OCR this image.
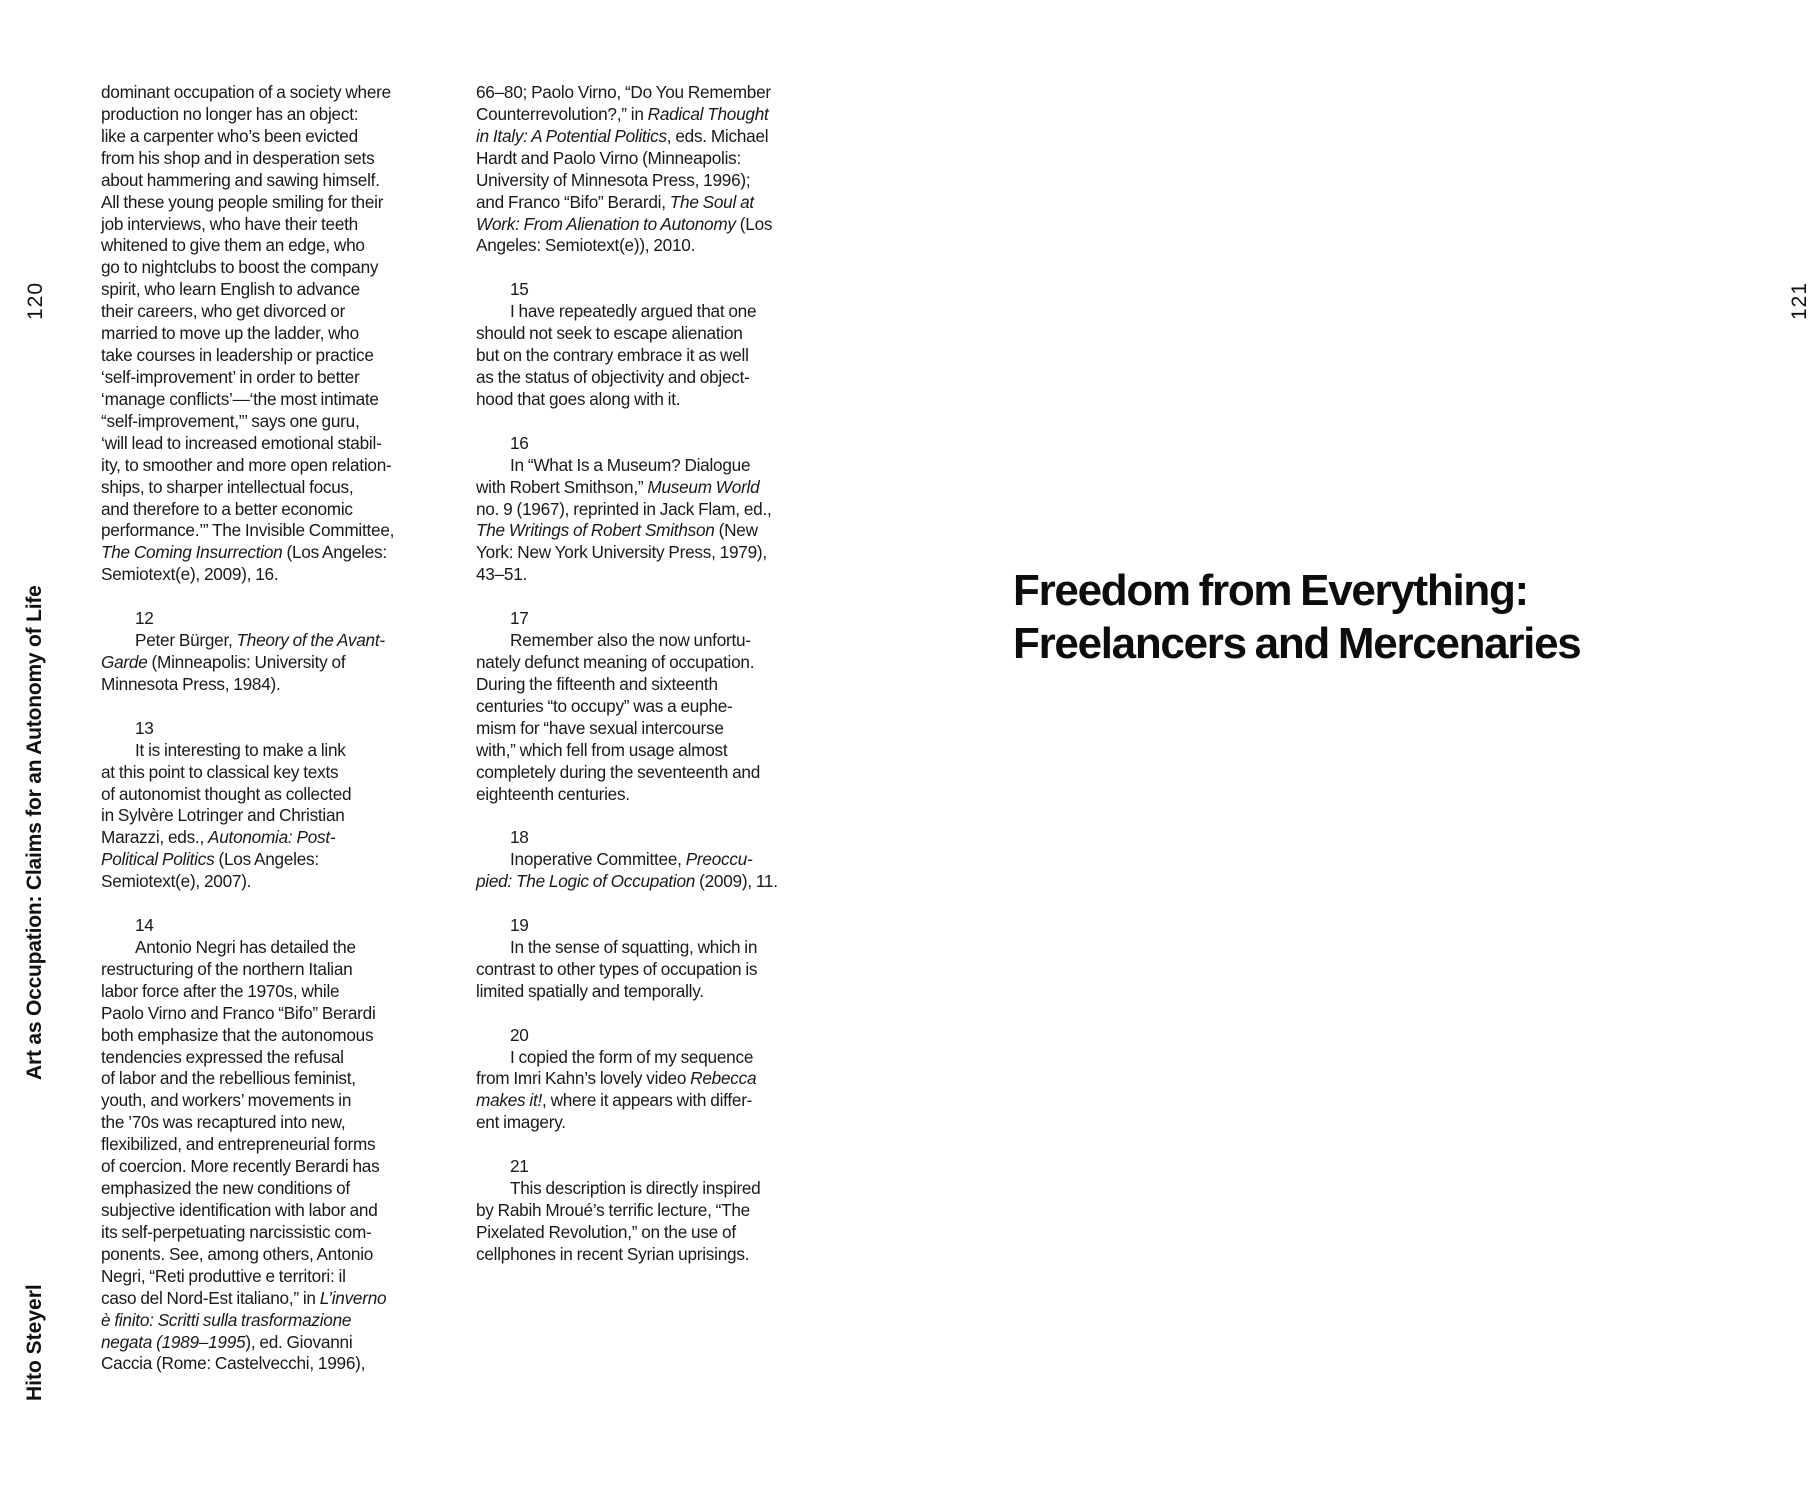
120
Art as Occupation: Claims for an Autonomy of Life
Hito Steyerl
dominant occupation of a society where
production no longer has an object:
like a carpenter who’s been evicted
from his shop and in desperation sets
about hammering and sawing himself.
All these young people smiling for their
job interviews, who have their teeth
whitened to give them an edge, who
go to nightclubs to boost the company
spirit, who learn English to advance
their careers, who get divorced or
married to move up the ladder, who
take courses in leadership or practice
‘self-improvement’ in order to better
‘manage conflicts’—‘the most intimate
“self-improvement,”’ says one guru,
‘will lead to increased emotional stabil-
ity, to smoother and more open relation-
ships, to sharper intellectual focus,
and therefore to a better economic
performance.’” The Invisible Committee,
The Coming Insurrection (Los Angeles:
Semiotext(e), 2009), 16.
12
Peter Bürger, Theory of the Avant-
Garde (Minneapolis: University of
Minnesota Press, 1984).
13
It is interesting to make a link
at this point to classical key texts
of autonomist thought as collected
in Sylvère Lotringer and Christian
Marazzi, eds., Autonomia: Post-
Political Politics (Los Angeles:
Semiotext(e), 2007).
14
Antonio Negri has detailed the
restructuring of the northern Italian
labor force after the 1970s, while
Paolo Virno and Franco “Bifo” Berardi
both emphasize that the autonomous
tendencies expressed the refusal
of labor and the rebellious feminist,
youth, and workers’ movements in
the ’70s was recaptured into new,
flexibilized, and entrepreneurial forms
of coercion. More recently Berardi has
emphasized the new conditions of
subjective identification with labor and
its self-perpetuating narcissistic com-
ponents. See, among others, Antonio
Negri, “Reti produttive e territori: il
caso del Nord-Est italiano,” in L’inverno
è finito: Scritti sulla trasformazione
negata (1989–1995), ed. Giovanni
Caccia (Rome: Castelvecchi, 1996),
66–80; Paolo Virno, “Do You Remember
Counterrevolution?,” in Radical Thought
in Italy: A Potential Politics, eds. Michael
Hardt and Paolo Virno (Minneapolis:
University of Minnesota Press, 1996);
and Franco “Bifo” Berardi, The Soul at
Work: From Alienation to Autonomy (Los
Angeles: Semiotext(e)), 2010.
15
I have repeatedly argued that one
should not seek to escape alienation
but on the contrary embrace it as well
as the status of objectivity and object-
hood that goes along with it.
16
In “What Is a Museum? Dialogue
with Robert Smithson,” Museum World
no. 9 (1967), reprinted in Jack Flam, ed.,
The Writings of Robert Smithson (New
York: New York University Press, 1979),
43–51.
17
Remember also the now unfortu-
nately defunct meaning of occupation.
During the fifteenth and sixteenth
centuries “to occupy” was a euphe-
mism for “have sexual intercourse
with,” which fell from usage almost
completely during the seventeenth and
eighteenth centuries.
18
Inoperative Committee, Preoccu-
pied: The Logic of Occupation (2009), 11.
19
In the sense of squatting, which in
contrast to other types of occupation is
limited spatially and temporally.
20
I copied the form of my sequence
from Imri Kahn’s lovely video Rebecca
makes it!, where it appears with differ-
ent imagery.
21
This description is directly inspired
by Rabih Mroué’s terrific lecture, “The
Pixelated Revolution,” on the use of
cellphones in recent Syrian uprisings.
121
Freedom from Everything:
Freelancers and Mercenaries
